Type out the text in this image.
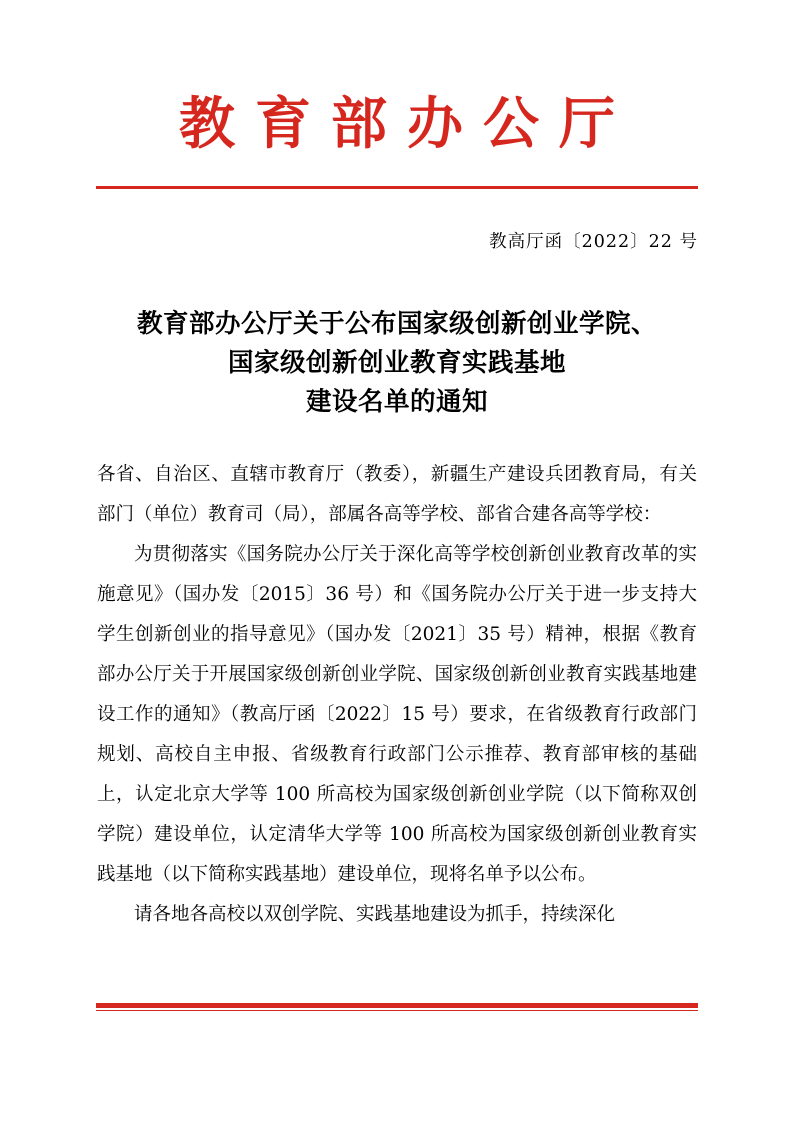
教育部办公厅
教高厅函〔2022〕22 号
教育部办公厅关于公布国家级创新创业学院、
国家级创新创业教育实践基地
建设名单的通知

各省、自治区、直辖市教育厅（教委），新疆生产建设兵团教育局，有关部门（单位）教育司（局），部属各高等学校、部省合建各高等学校：

为贯彻落实《国务院办公厅关于深化高等学校创新创业教育改革的实施意见》（国办发〔2015〕36 号）和《国务院办公厅关于进一步支持大学生创新创业的指导意见》（国办发〔2021〕35 号）精神，根据《教育部办公厅关于开展国家级创新创业学院、国家级创新创业教育实践基地建设工作的通知》（教高厅函〔2022〕15 号）要求，在省级教育行政部门规划、高校自主申报、省级教育行政部门公示推荐、教育部审核的基础上，认定北京大学等 100 所高校为国家级创新创业学院（以下简称双创学院）建设单位，认定清华大学等 100 所高校为国家级创新创业教育实践基地（以下简称实践基地）建设单位，现将名单予以公布。

请各地各高校以双创学院、实践基地建设为抓手，持续深化
